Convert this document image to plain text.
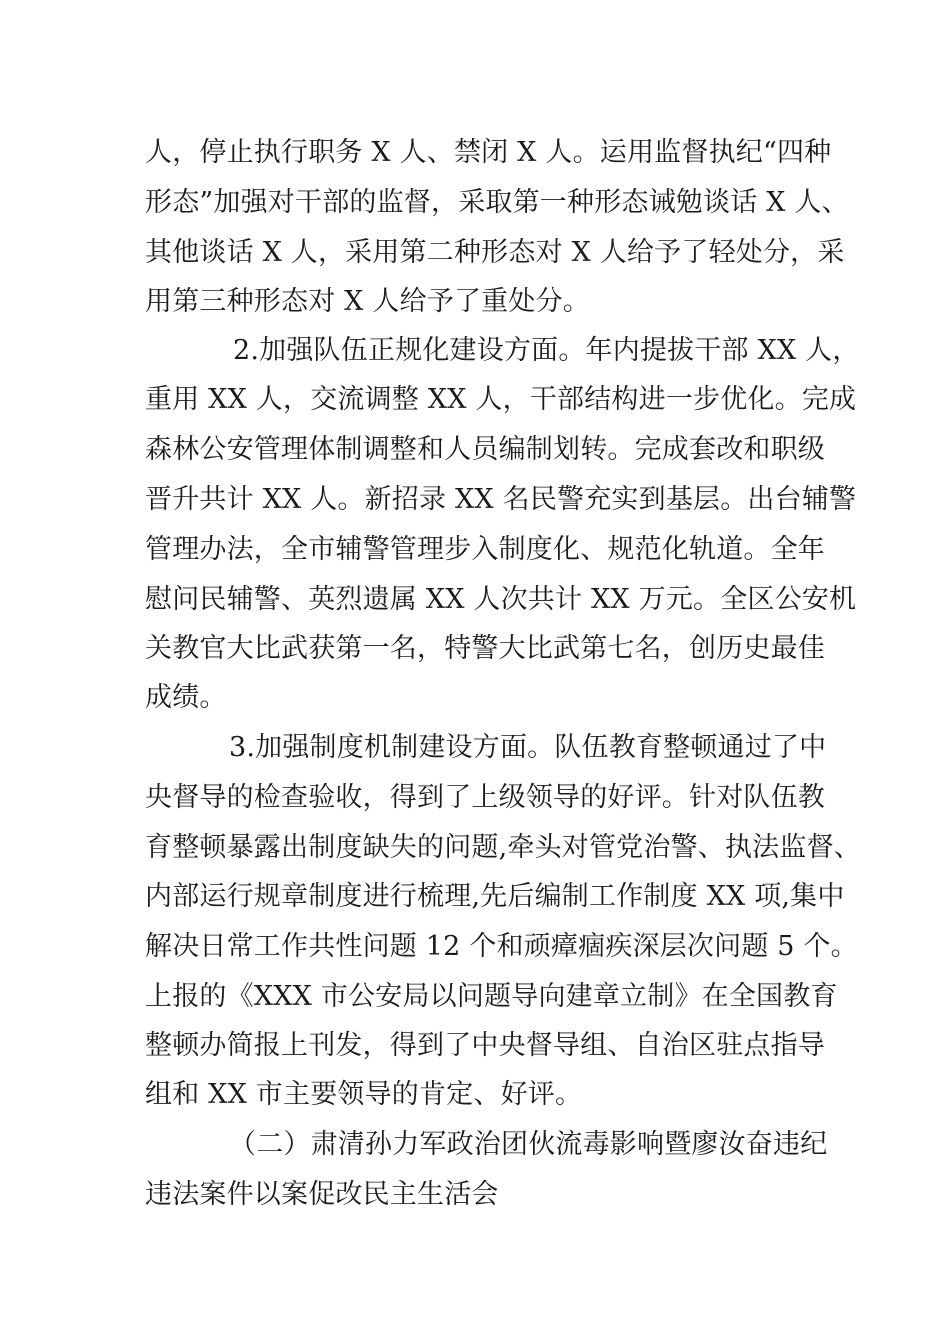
人，停止执行职务 X 人、禁闭 X 人。运用监督执纪“四种
形态”加强对干部的监督，采取第一种形态诫勉谈话 X 人、
其他谈话 X 人，采用第二种形态对 X 人给予了轻处分，采
用第三种形态对 X 人给予了重处分。
2.加强队伍正规化建设方面。年内提拔干部 XX 人，
重用 XX 人，交流调整 XX 人，干部结构进一步优化。完成
森林公安管理体制调整和人员编制划转。完成套改和职级
晋升共计 XX 人。新招录 XX 名民警充实到基层。出台辅警
管理办法，全市辅警管理步入制度化、规范化轨道。全年
慰问民辅警、英烈遗属 XX 人次共计 XX 万元。全区公安机
关教官大比武获第一名，特警大比武第七名，创历史最佳
成绩。
3.加强制度机制建设方面。队伍教育整顿通过了中
央督导的检查验收，得到了上级领导的好评。针对队伍教
育整顿暴露出制度缺失的问题,牵头对管党治警、执法监督、
内部运行规章制度进行梳理,先后编制工作制度 XX 项,集中
解决日常工作共性问题 12 个和顽瘴痼疾深层次问题 5 个。
上报的《XXX 市公安局以问题导向建章立制》在全国教育
整顿办简报上刊发，得到了中央督导组、自治区驻点指导
组和 XX 市主要领导的肯定、好评。
（二）肃清孙力军政治团伙流毒影响暨廖汝奋违纪
违法案件以案促改民主生活会
